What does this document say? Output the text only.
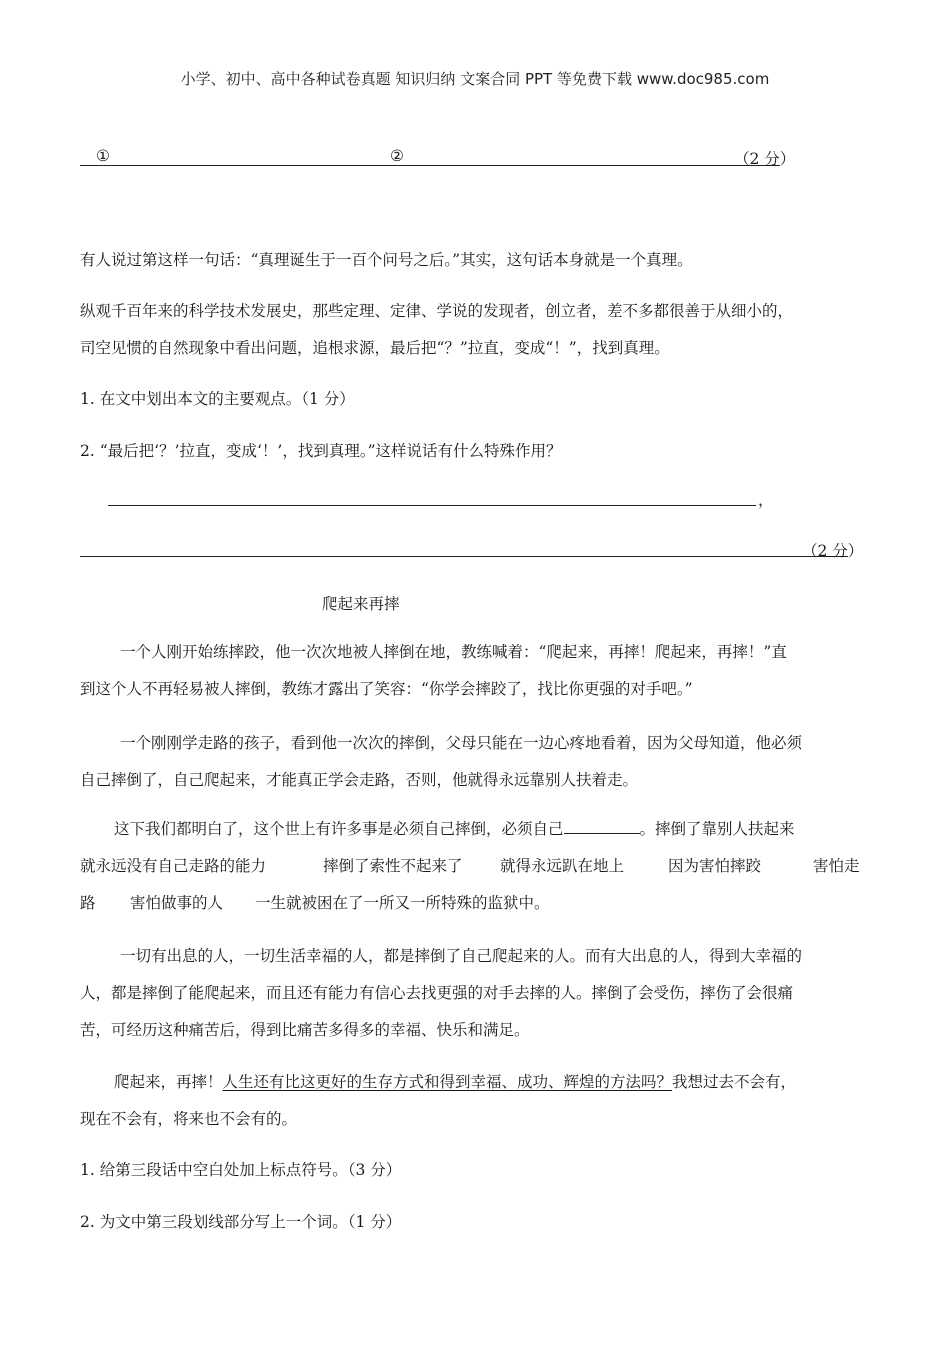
小学、初中、高中各种试卷真题 知识归纳 文案合同 PPT 等免费下载 www.doc985.com
①	②	（2 分）
有人说过第这样一句话：“真理诞生于一百个问号之后。”其实，这句话本身就是一个真理。
纵观千百年来的科学技术发展史，那些定理、定律、学说的发现者，创立者，差不多都很善于从细小的，
司空见惯的自然现象中看出问题，追根求源，最后把“？”拉直，变成“！”，找到真理。
1. 在文中划出本文的主要观点。（1 分）
2. “最后把‘？’拉直，变成‘！’，找到真理。”这样说话有什么特殊作用？
，
（2 分）
爬起来再摔
一个人刚开始练摔跤，他一次次地被人摔倒在地，教练喊着：“爬起来，再摔！爬起来，再摔！”直
到这个人不再轻易被人摔倒，教练才露出了笑容：“你学会摔跤了，找比你更强的对手吧。”
一个刚刚学走路的孩子，看到他一次次的摔倒，父母只能在一边心疼地看着，因为父母知道，他必须
自己摔倒了，自己爬起来，才能真正学会走路，否则，他就得永远靠别人扶着走。
这下我们都明白了，这个世上有许多事是必须自己摔倒，必须自己	。摔倒了靠别人扶起来
就永远没有自己走路的能力	摔倒了索性不起来了 就得永远趴在地上	因为害怕摔跤	害怕走
路 害怕做事的人 一生就被困在了一所又一所特殊的监狱中。
一切有出息的人，一切生活幸福的人，都是摔倒了自己爬起来的人。而有大出息的人，得到大幸福的
人，都是摔倒了能爬起来，而且还有能力有信心去找更强的对手去摔的人。摔倒了会受伤，摔伤了会很痛
苦，可经历这种痛苦后，得到比痛苦多得多的幸福、快乐和满足。
爬起来，再摔！人生还有比这更好的生存方式和得到幸福、成功、辉煌的方法吗？我想过去不会有，
现在不会有，将来也不会有的。
1. 给第三段话中空白处加上标点符号。（3 分）
2. 为文中第三段划线部分写上一个词。（1 分）
